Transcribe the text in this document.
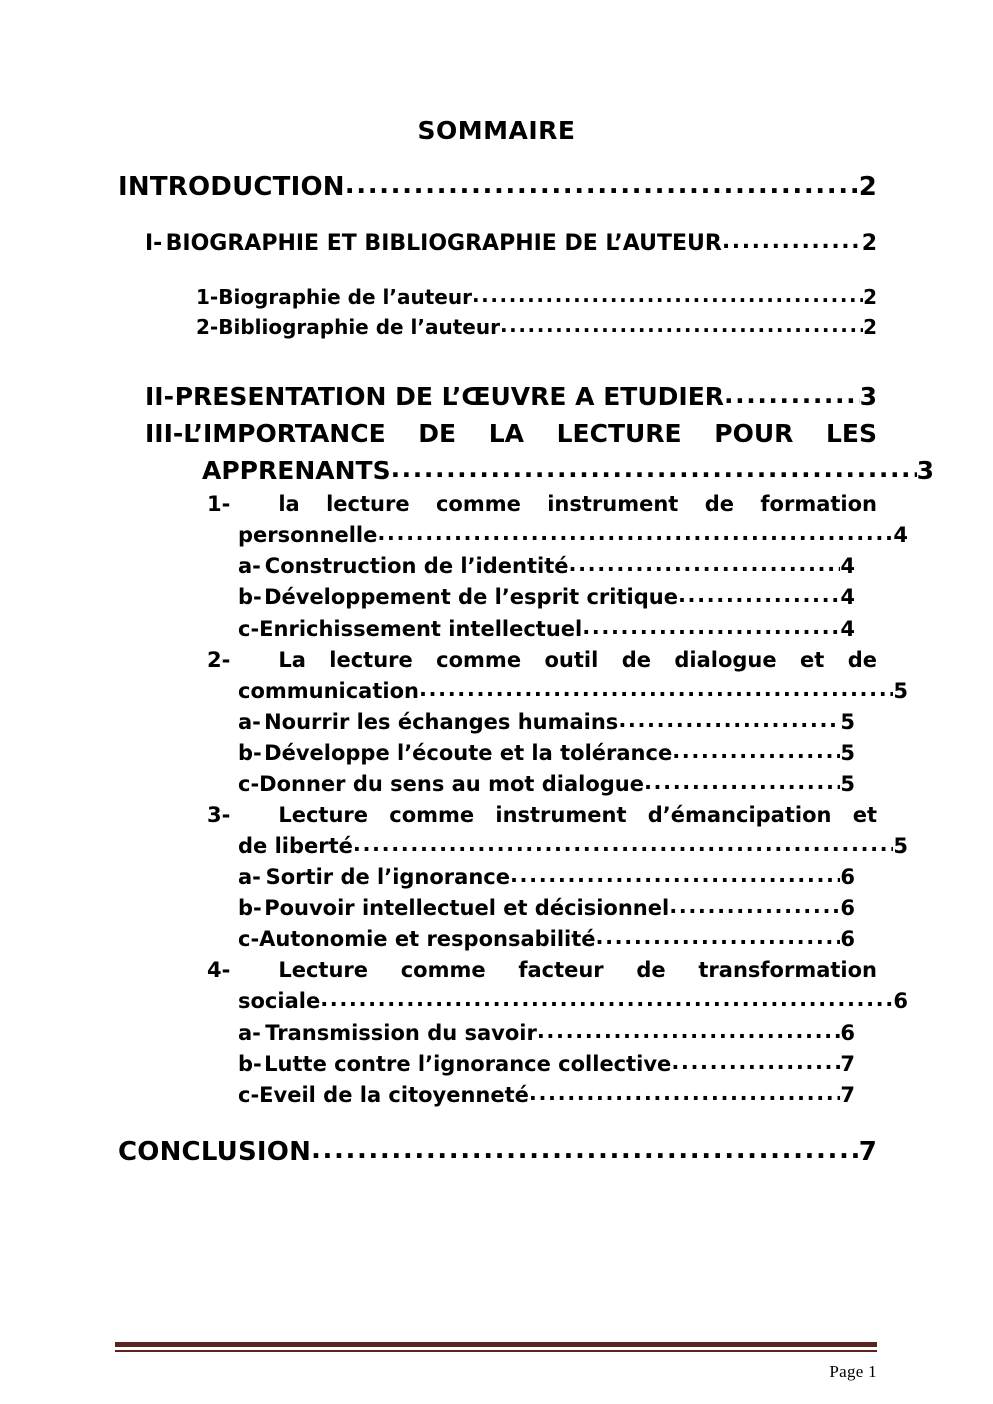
SOMMAIRE
INTRODUCTION .....	2
I- BIOGRAPHIE ET BIBLIOGRAPHIE DE L’AUTEUR .....	2
1- Biographie de l’auteur .....	2
2- Bibliographie de l’auteur .....	2
II- PRESENTATION DE L’ŒUVRE A ETUDIER .....	3
III- L’IMPORTANCE DE LA LECTURE POUR LES
APPRENANTS .....	3
1- la lecture comme instrument de formation
personnelle .....	4
a- Construction de l’identité .....	4
b- Développement de l’esprit critique .....	4
c- Enrichissement intellectuel .....	4
2- La lecture comme outil de dialogue et de
communication .....	5
a- Nourrir les échanges humains .....	5
b- Développe l’écoute et la tolérance .....	5
c- Donner du sens au mot dialogue .....	5
3- Lecture comme instrument d’émancipation et
de liberté .....	5
a- Sortir de l’ignorance .....	6
b- Pouvoir intellectuel et décisionnel .....	6
c- Autonomie et responsabilité .....	6
4- Lecture comme facteur de transformation
sociale .....	6
a- Transmission du savoir .....	6
b- Lutte contre l’ignorance collective .....	7
c- Eveil de la citoyenneté .....	7
CONCLUSION .....	7
Page 1
